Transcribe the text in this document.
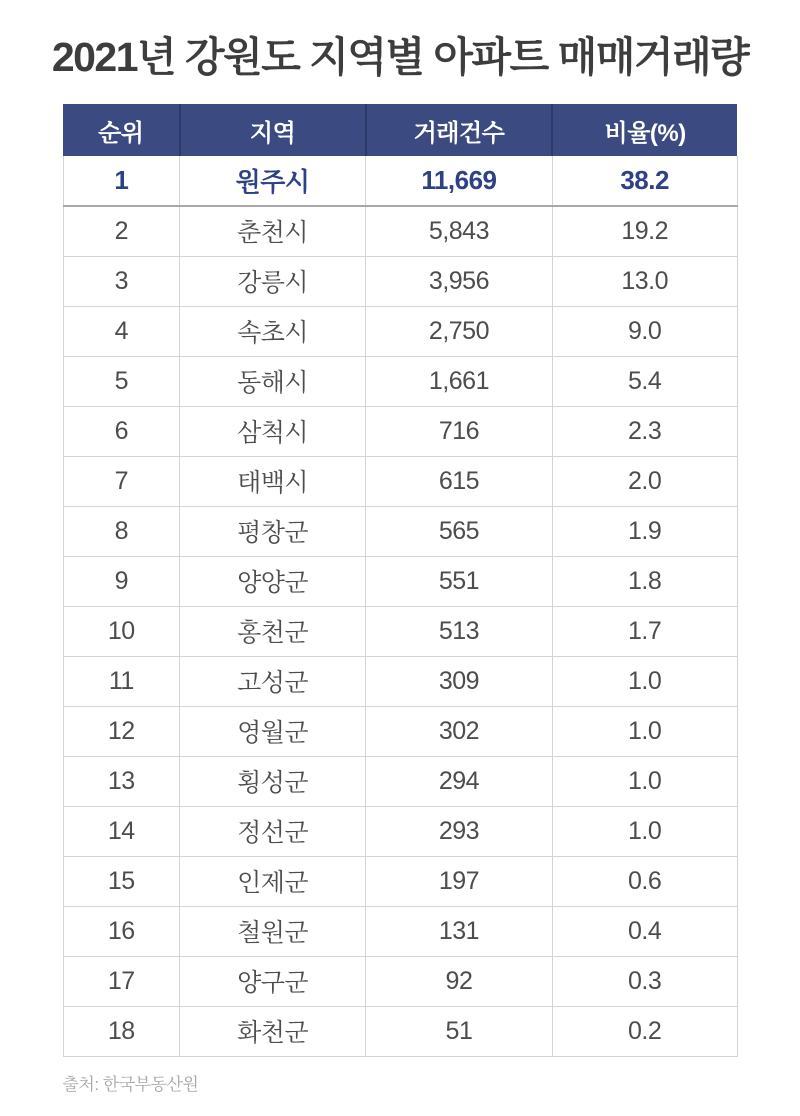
2021년 강원도 지역별 아파트 매매거래량
순위	지역	거래건수	비율(%)
1	원주시	11,669	38.2
2	춘천시	5,843	19.2
3	강릉시	3,956	13.0
4	속초시	2,750	9.0
5	동해시	1,661	5.4
6	삼척시	716	2.3
7	태백시	615	2.0
8	평창군	565	1.9
9	양양군	551	1.8
10	홍천군	513	1.7
11	고성군	309	1.0
12	영월군	302	1.0
13	횡성군	294	1.0
14	정선군	293	1.0
15	인제군	197	0.6
16	철원군	131	0.4
17	양구군	92	0.3
18	화천군	51	0.2
출처: 한국부동산원
